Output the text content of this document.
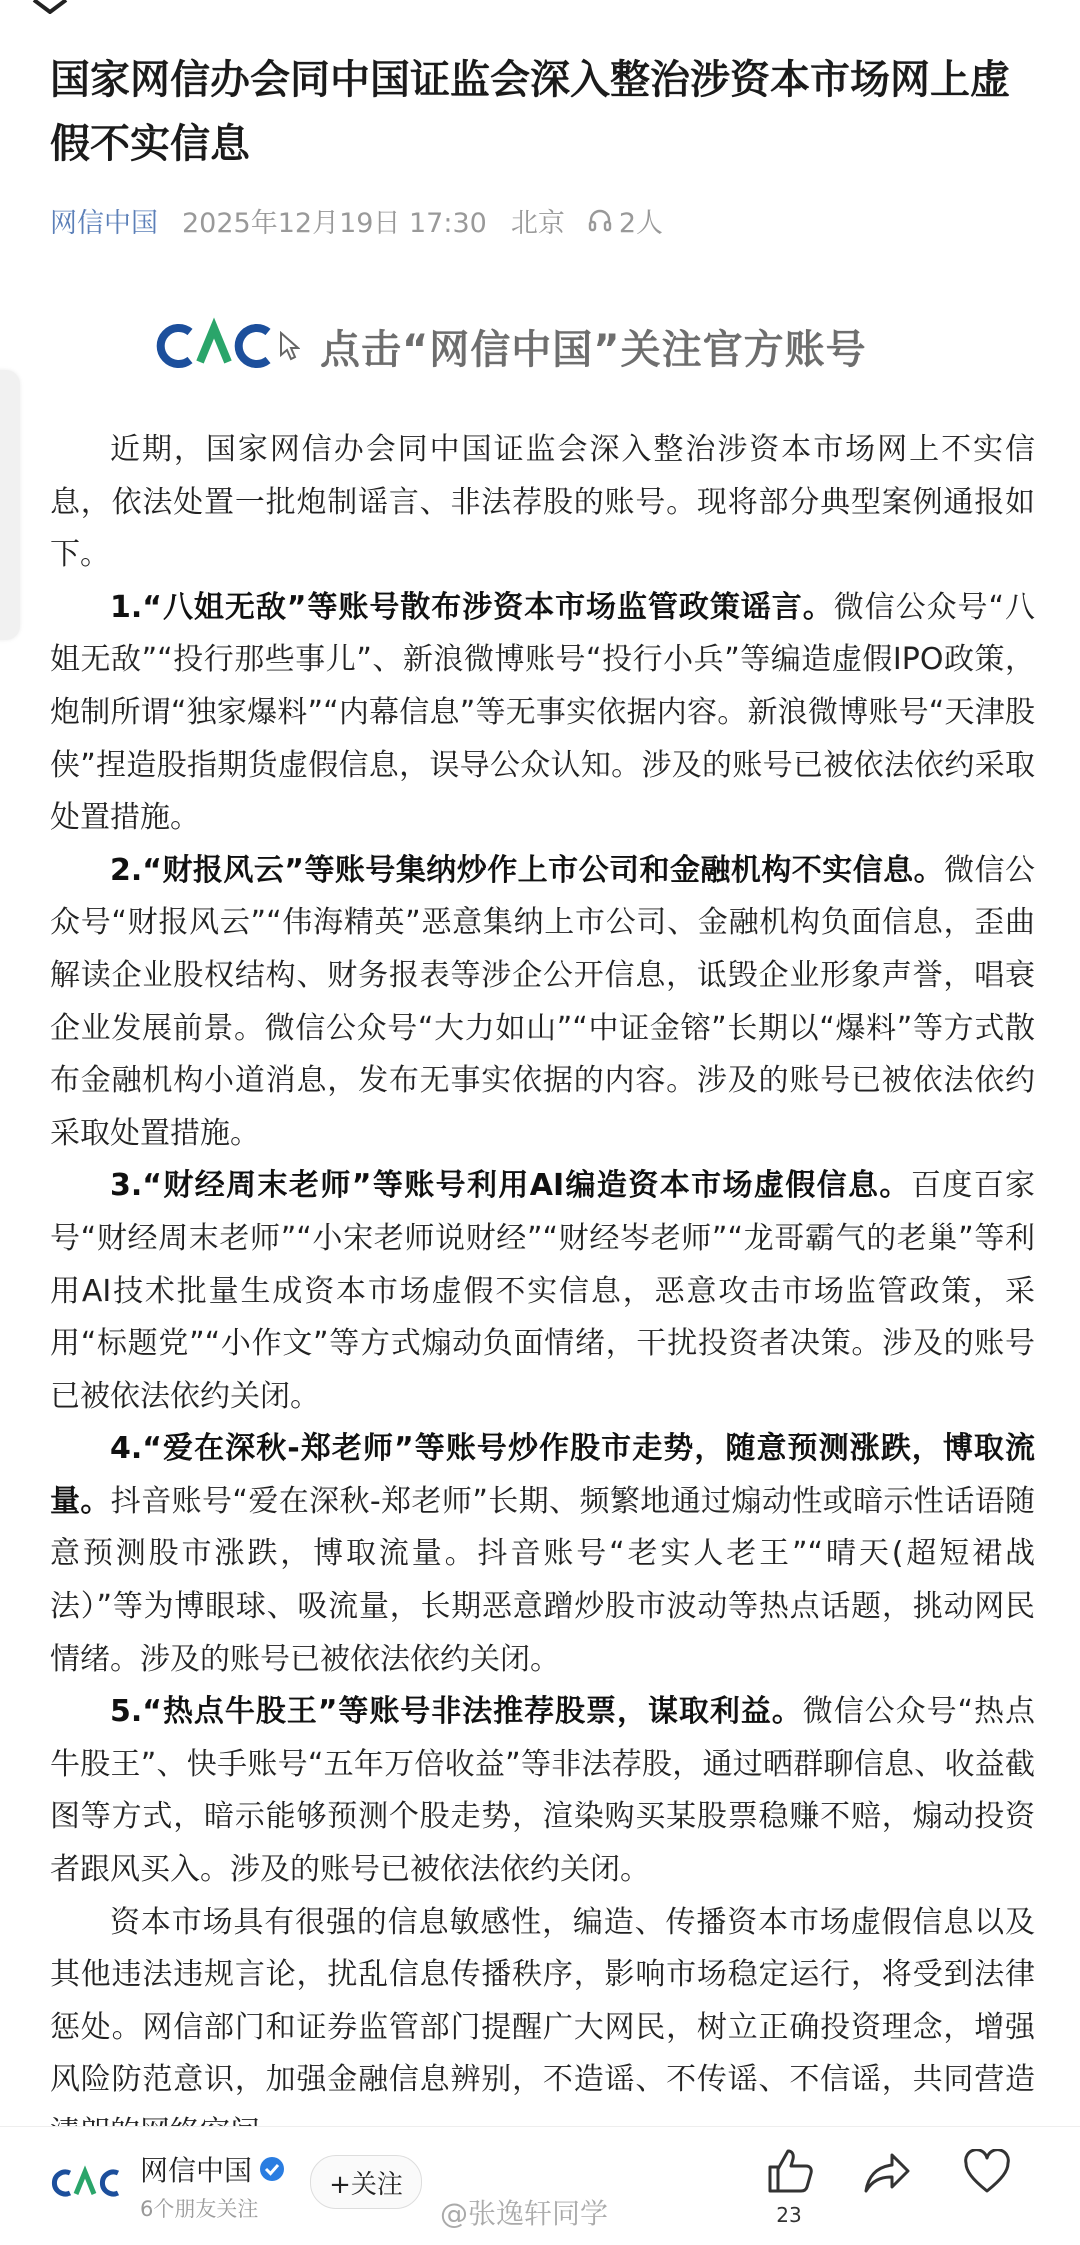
国家网信办会同中国证监会深入整治涉资本市场网上虚假不实信息
网信中国 2025年12月19日 17:30 北京 2人
点击“网信中国”关注官方账号

近期，国家网信办会同中国证监会深入整治涉资本市场网上不实信息，依法处置一批炮制谣言、非法荐股的账号。现将部分典型案例通报如下。

1.“八姐无敌”等账号散布涉资本市场监管政策谣言。微信公众号“八姐无敌”“投行那些事儿”、新浪微博账号“投行小兵”等编造虚假IPO政策，炮制所谓“独家爆料”“内幕信息”等无事实依据内容。新浪微博账号“天津股侠”捏造股指期货虚假信息，误导公众认知。涉及的账号已被依法依约采取处置措施。

2.“财报风云”等账号集纳炒作上市公司和金融机构不实信息。微信公众号“财报风云”“伟海精英”恶意集纳上市公司、金融机构负面信息，歪曲解读企业股权结构、财务报表等涉企公开信息，诋毁企业形象声誉，唱衰企业发展前景。微信公众号“大力如山”“中证金镕”长期以“爆料”等方式散布金融机构小道消息，发布无事实依据的内容。涉及的账号已被依法依约采取处置措施。

3.“财经周末老师”等账号利用AI编造资本市场虚假信息。百度百家号“财经周末老师”“小宋老师说财经”“财经岑老师”“龙哥霸气的老巢”等利用AI技术批量生成资本市场虚假不实信息，恶意攻击市场监管政策，采用“标题党”“小作文”等方式煽动负面情绪，干扰投资者决策。涉及的账号已被依法依约关闭。

4.“爱在深秋-郑老师”等账号炒作股市走势，随意预测涨跌，博取流量。抖音账号“爱在深秋-郑老师”长期、频繁地通过煽动性或暗示性话语随意预测股市涨跌，博取流量。抖音账号“老实人老王”“晴天(超短裙战法）”等为博眼球、吸流量，长期恶意蹭炒股市波动等热点话题，挑动网民情绪。涉及的账号已被依法依约关闭。

5.“热点牛股王”等账号非法推荐股票，谋取利益。微信公众号“热点牛股王”、快手账号“五年万倍收益”等非法荐股，通过晒群聊信息、收益截图等方式，暗示能够预测个股走势，渲染购买某股票稳赚不赔，煽动投资者跟风买入。涉及的账号已被依法依约关闭。

资本市场具有很强的信息敏感性，编造、传播资本市场虚假信息以及其他违法违规言论，扰乱信息传播秩序，影响市场稳定运行，将受到法律惩处。网信部门和证券监管部门提醒广大网民，树立正确投资理念，增强风险防范意识，加强金融信息辨别，不造谣、不传谣、不信谣，共同营造

网信中国
6个朋友关注
+关注
23
@张逸轩同学
